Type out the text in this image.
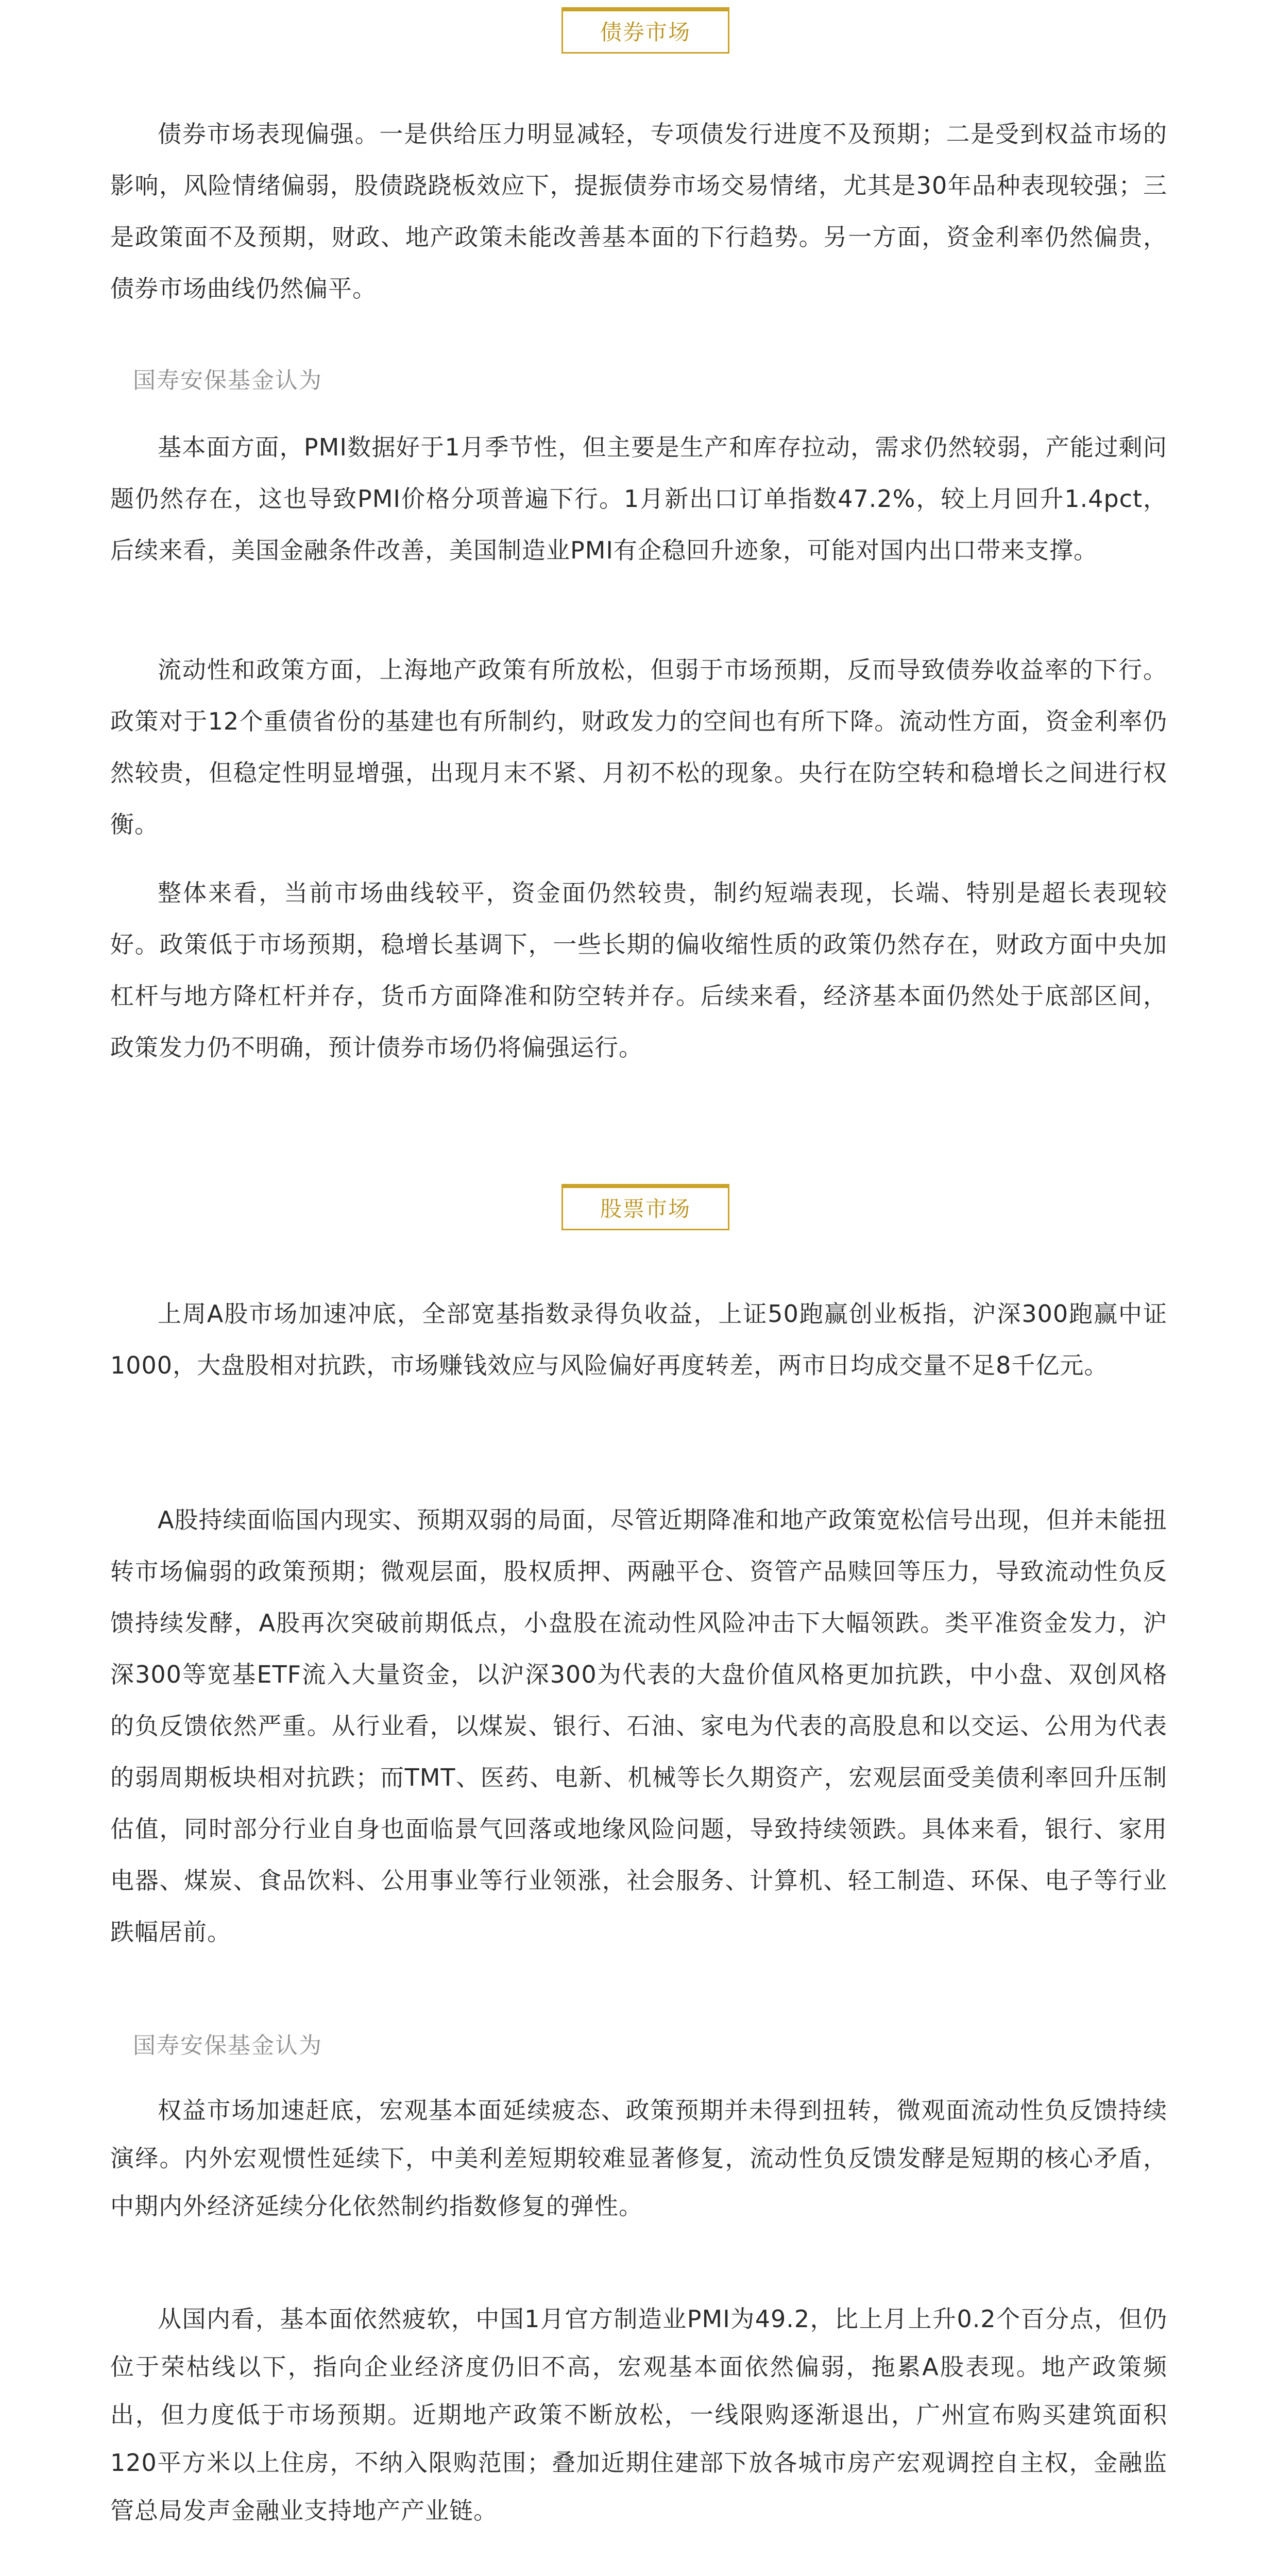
债券市场

债券市场表现偏强。一是供给压力明显减轻，专项债发行进度不及预期；二是受到权益市场的影响，风险情绪偏弱，股债跷跷板效应下，提振债券市场交易情绪，尤其是30年品种表现较强；三是政策面不及预期，财政、地产政策未能改善基本面的下行趋势。另一方面，资金利率仍然偏贵，债券市场曲线仍然偏平。

国寿安保基金认为

基本面方面，PMI数据好于1月季节性，但主要是生产和库存拉动，需求仍然较弱，产能过剩问题仍然存在，这也导致PMI价格分项普遍下行。1月新出口订单指数47.2%，较上月回升1.4pct，后续来看，美国金融条件改善，美国制造业PMI有企稳回升迹象，可能对国内出口带来支撑。

流动性和政策方面，上海地产政策有所放松，但弱于市场预期，反而导致债券收益率的下行。政策对于12个重债省份的基建也有所制约，财政发力的空间也有所下降。流动性方面，资金利率仍然较贵，但稳定性明显增强，出现月末不紧、月初不松的现象。央行在防空转和稳增长之间进行权衡。

整体来看，当前市场曲线较平，资金面仍然较贵，制约短端表现，长端、特别是超长表现较好。政策低于市场预期，稳增长基调下，一些长期的偏收缩性质的政策仍然存在，财政方面中央加杠杆与地方降杠杆并存，货币方面降准和防空转并存。后续来看，经济基本面仍然处于底部区间，政策发力仍不明确，预计债券市场仍将偏强运行。

股票市场

上周A股市场加速冲底，全部宽基指数录得负收益，上证50跑赢创业板指，沪深300跑赢中证1000，大盘股相对抗跌，市场赚钱效应与风险偏好再度转差，两市日均成交量不足8千亿元。

A股持续面临国内现实、预期双弱的局面，尽管近期降准和地产政策宽松信号出现，但并未能扭转市场偏弱的政策预期；微观层面，股权质押、两融平仓、资管产品赎回等压力，导致流动性负反馈持续发酵，A股再次突破前期低点，小盘股在流动性风险冲击下大幅领跌。类平准资金发力，沪深300等宽基ETF流入大量资金，以沪深300为代表的大盘价值风格更加抗跌，中小盘、双创风格的负反馈依然严重。从行业看，以煤炭、银行、石油、家电为代表的高股息和以交运、公用为代表的弱周期板块相对抗跌；而TMT、医药、电新、机械等长久期资产，宏观层面受美债利率回升压制估值，同时部分行业自身也面临景气回落或地缘风险问题，导致持续领跌。具体来看，银行、家用电器、煤炭、食品饮料、公用事业等行业领涨，社会服务、计算机、轻工制造、环保、电子等行业跌幅居前。

国寿安保基金认为

权益市场加速赶底，宏观基本面延续疲态、政策预期并未得到扭转，微观面流动性负反馈持续演绎。内外宏观惯性延续下，中美利差短期较难显著修复，流动性负反馈发酵是短期的核心矛盾，中期内外经济延续分化依然制约指数修复的弹性。

从国内看，基本面依然疲软，中国1月官方制造业PMI为49.2，比上月上升0.2个百分点，但仍位于荣枯线以下，指向企业经济度仍旧不高，宏观基本面依然偏弱，拖累A股表现。地产政策频出，但力度低于市场预期。近期地产政策不断放松，一线限购逐渐退出，广州宣布购买建筑面积120平方米以上住房，不纳入限购范围；叠加近期住建部下放各城市房产宏观调控自主权，金融监管总局发声金融业支持地产产业链。
